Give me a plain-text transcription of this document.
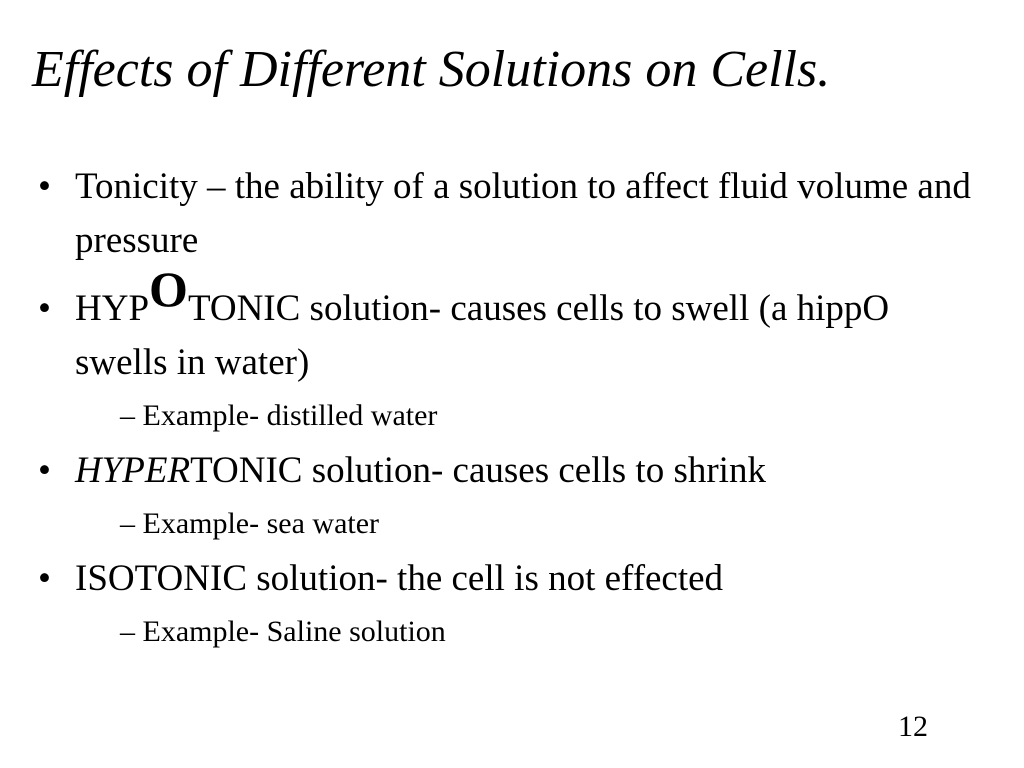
Effects of Different Solutions on Cells.
• Tonicity – the ability of a solution to affect fluid volume and pressure
• HYPOTONIC solution- causes cells to swell (a hippO swells in water)
– Example- distilled water
• HYPERTONIC solution- causes cells to shrink
– Example- sea water
• ISOTONIC solution- the cell is not effected
– Example- Saline solution
12
